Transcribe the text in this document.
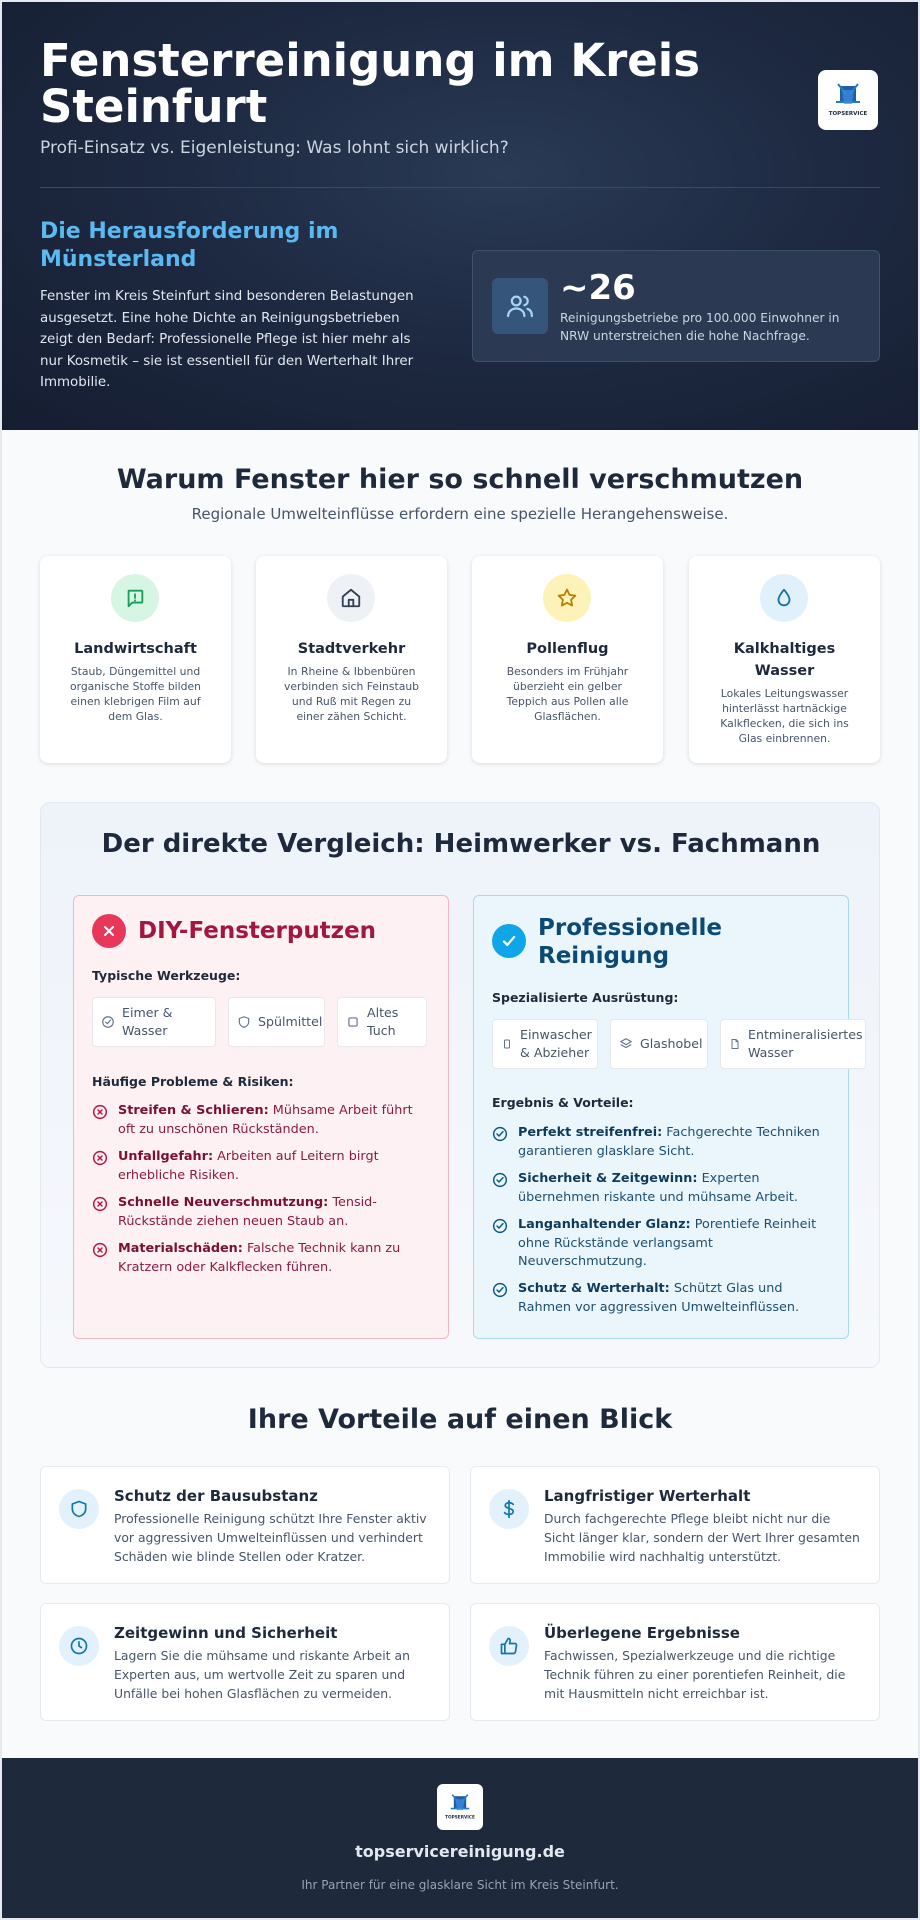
Fensterreinigung im Kreis Steinfurt
Profi-Einsatz vs. Eigenleistung: Was lohnt sich wirklich?
TOPSERVICE
Die Herausforderung im Münsterland

Fenster im Kreis Steinfurt sind besonderen Belastungen ausgesetzt. Eine hohe Dichte an Reinigungsbetrieben zeigt den Bedarf: Professionelle Pflege ist hier mehr als nur Kosmetik – sie ist essentiell für den Werterhalt Ihrer Immobilie.

~26
Reinigungsbetriebe pro 100.000 Einwohner in NRW unterstreichen die hohe Nachfrage.
Warum Fenster hier so schnell verschmutzen
Regionale Umwelteinflüsse erfordern eine spezielle Herangehensweise.
Landwirtschaft
Staub, Düngemittel und organische Stoffe bilden einen klebrigen Film auf dem Glas.
Stadtverkehr
In Rheine & Ibbenbüren verbinden sich Feinstaub und Ruß mit Regen zu einer zähen Schicht.
Pollenflug
Besonders im Frühjahr überzieht ein gelber Teppich aus Pollen alle Glasflächen.
Kalkhaltiges Wasser
Lokales Leitungswasser hinterlässt hartnäckige Kalkflecken, die sich ins Glas einbrennen.
Der direkte Vergleich: Heimwerker vs. Fachmann
DIY-Fensterputzen
Typische Werkzeuge:
Eimer & Wasser
Spülmittel
Altes Tuch
Häufige Probleme & Risiken:
Streifen & Schlieren: Mühsame Arbeit führt oft zu unschönen Rückständen.
Unfallgefahr: Arbeiten auf Leitern birgt erhebliche Risiken.
Schnelle Neuverschmutzung: Tensid-Rückstände ziehen neuen Staub an.
Materialschäden: Falsche Technik kann zu Kratzern oder Kalkflecken führen.
Professionelle Reinigung
Spezialisierte Ausrüstung:
Einwascher & Abzieher
Glashobel
Entmineralisiertes Wasser
Ergebnis & Vorteile:
Perfekt streifenfrei: Fachgerechte Techniken garantieren glasklare Sicht.
Sicherheit & Zeitgewinn: Experten übernehmen riskante und mühsame Arbeit.
Langanhaltender Glanz: Porentiefe Reinheit ohne Rückstände verlangsamt Neuverschmutzung.
Schutz & Werterhalt: Schützt Glas und Rahmen vor aggressiven Umwelteinflüssen.
Ihre Vorteile auf einen Blick
Schutz der Bausubstanz
Professionelle Reinigung schützt Ihre Fenster aktiv vor aggressiven Umwelteinflüssen und verhindert Schäden wie blinde Stellen oder Kratzer.
Langfristiger Werterhalt
Durch fachgerechte Pflege bleibt nicht nur die Sicht länger klar, sondern der Wert Ihrer gesamten Immobilie wird nachhaltig unterstützt.
Zeitgewinn und Sicherheit
Lagern Sie die mühsame und riskante Arbeit an Experten aus, um wertvolle Zeit zu sparen und Unfälle bei hohen Glasflächen zu vermeiden.
Überlegene Ergebnisse
Fachwissen, Spezialwerkzeuge und die richtige Technik führen zu einer porentiefen Reinheit, die mit Hausmitteln nicht erreichbar ist.
TOPSERVICE
topservicereinigung.de
Ihr Partner für eine glasklare Sicht im Kreis Steinfurt.
